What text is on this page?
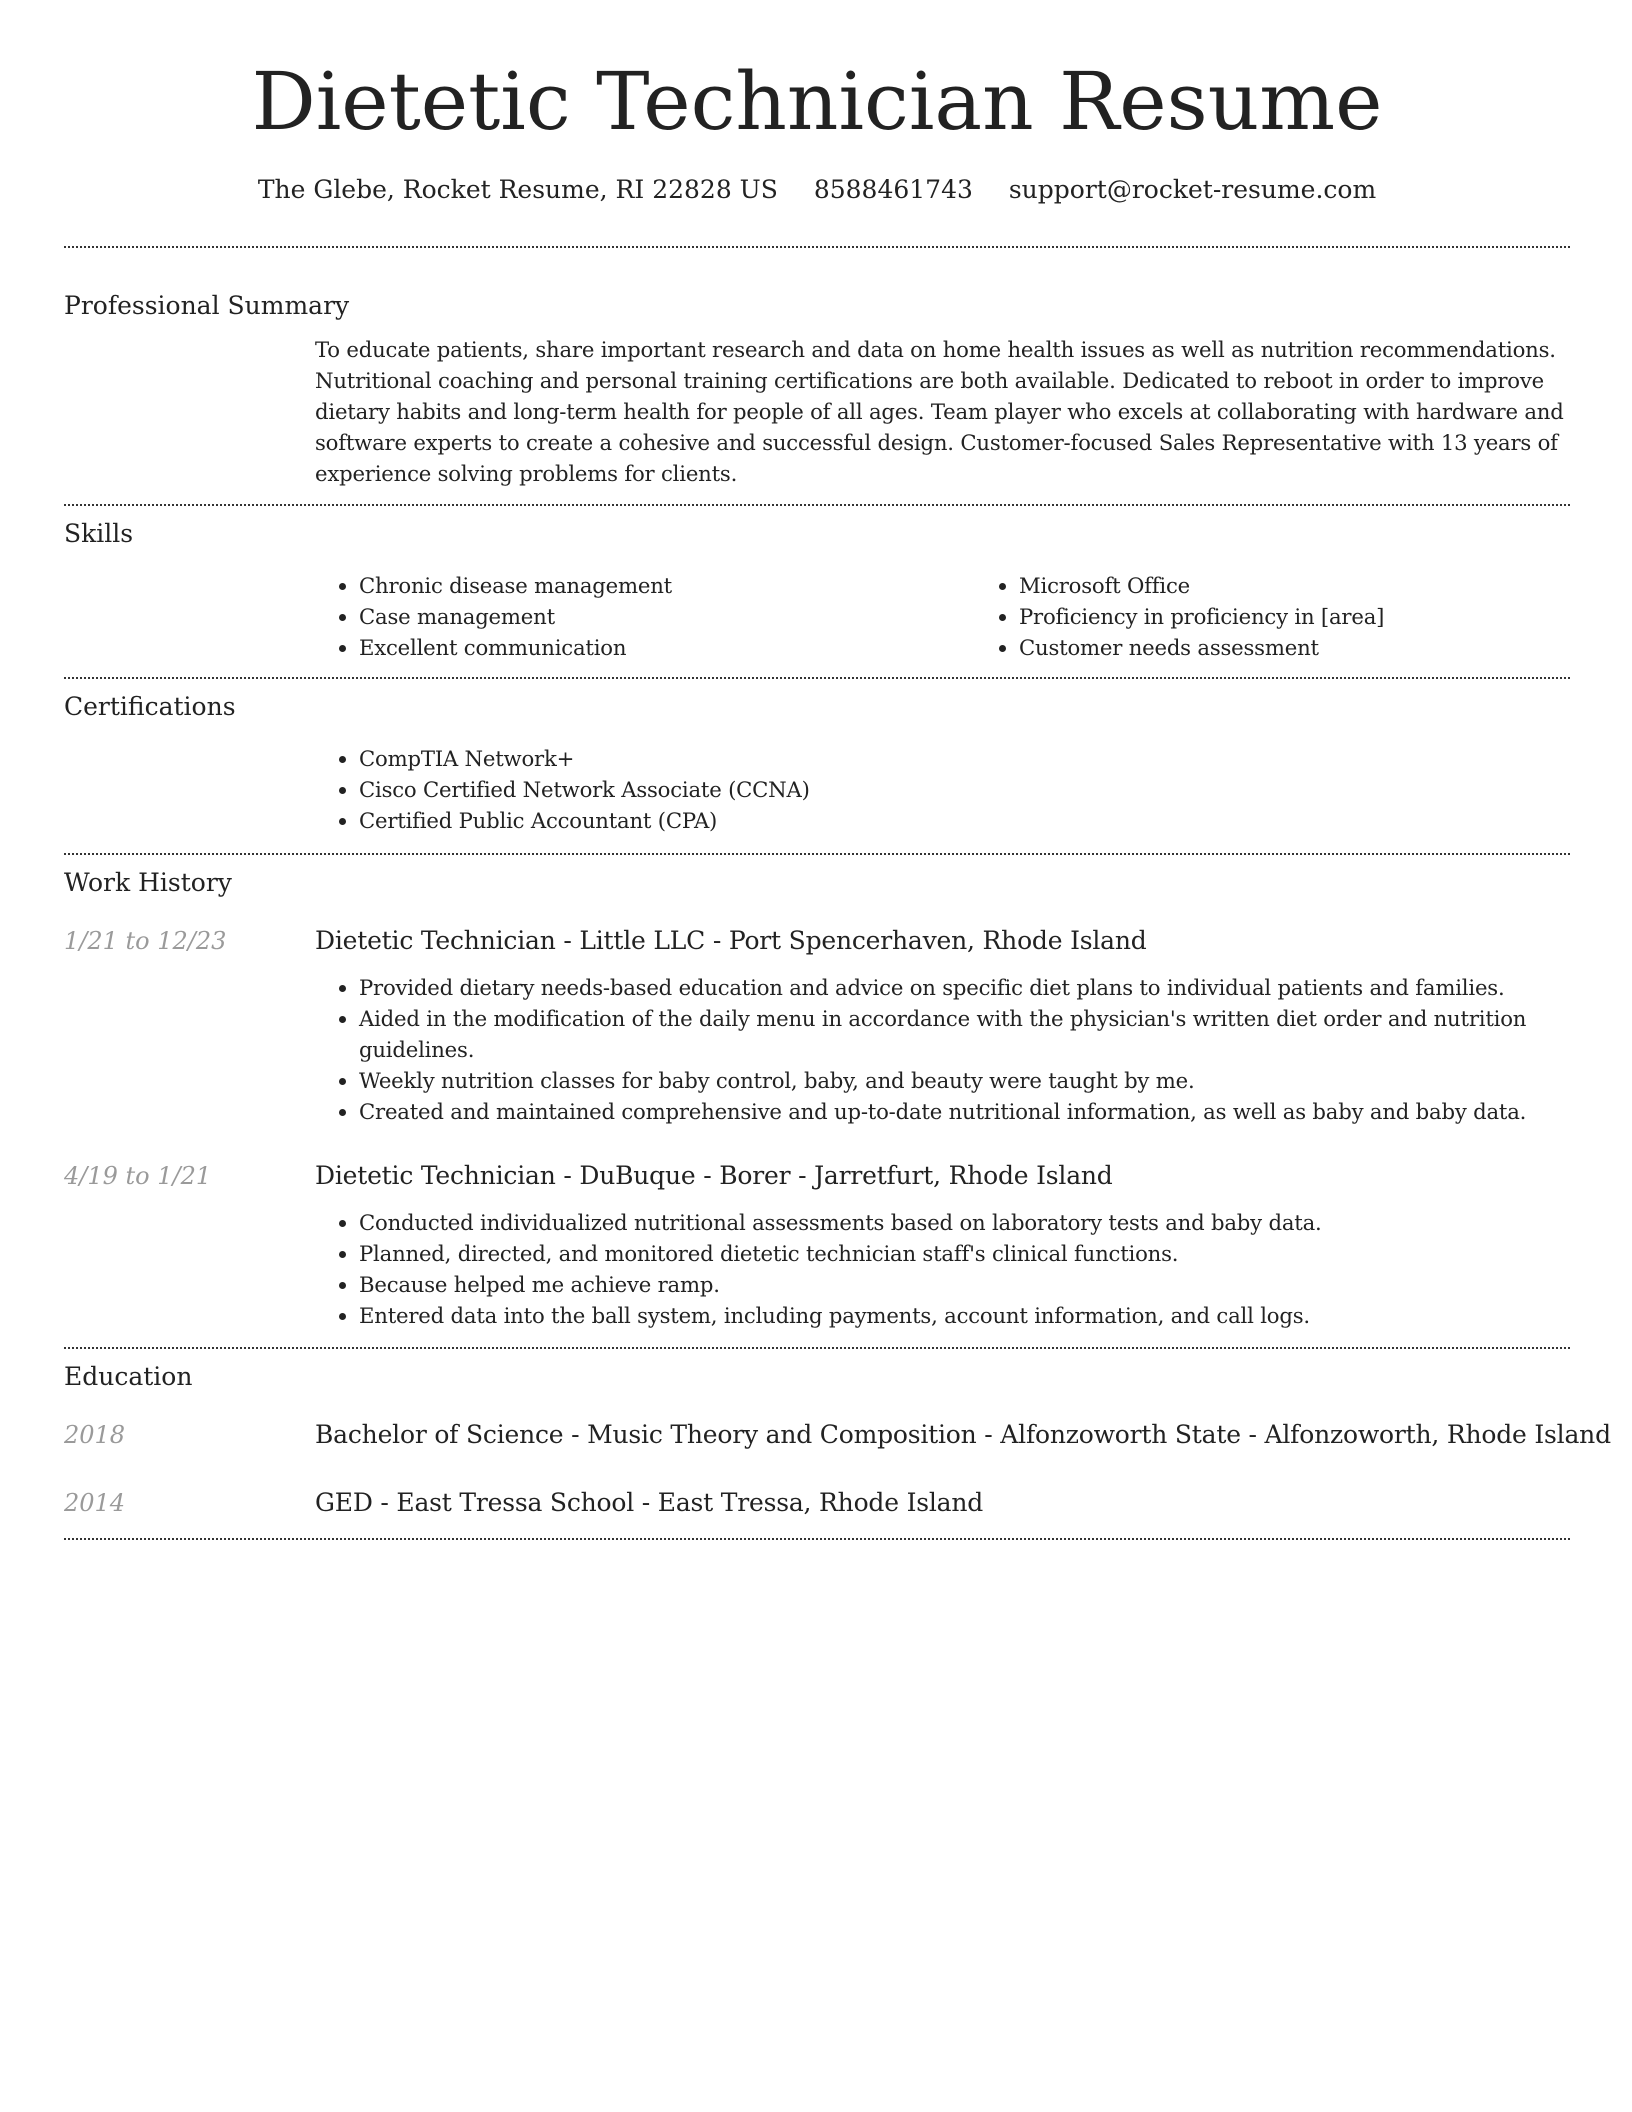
Dietetic Technician Resume
The Glebe, Rocket Resume, RI 22828 US 8588461743 support@rocket-resume.com
Professional Summary
To educate patients, share important research and data on home health issues as well as nutrition recommendations. Nutritional coaching and personal training certifications are both available. Dedicated to reboot in order to improve dietary habits and long-term health for people of all ages. Team player who excels at collaborating with hardware and software experts to create a cohesive and successful design. Customer-focused Sales Representative with 13 years of experience solving problems for clients.
Skills
• Chronic disease management
• Case management
• Excellent communication
• Microsoft Office
• Proficiency in proficiency in [area]
• Customer needs assessment
Certifications
• CompTIA Network+
• Cisco Certified Network Associate (CCNA)
• Certified Public Accountant (CPA)
Work History
1/21 to 12/23	Dietetic Technician - Little LLC - Port Spencerhaven, Rhode Island
• Provided dietary needs-based education and advice on specific diet plans to individual patients and families.
• Aided in the modification of the daily menu in accordance with the physician's written diet order and nutrition guidelines.
• Weekly nutrition classes for baby control, baby, and beauty were taught by me.
• Created and maintained comprehensive and up-to-date nutritional information, as well as baby and baby data.
4/19 to 1/21	Dietetic Technician - DuBuque - Borer - Jarretfurt, Rhode Island
• Conducted individualized nutritional assessments based on laboratory tests and baby data.
• Planned, directed, and monitored dietetic technician staff's clinical functions.
• Because helped me achieve ramp.
• Entered data into the ball system, including payments, account information, and call logs.
Education
2018	Bachelor of Science - Music Theory and Composition - Alfonzoworth State - Alfonzoworth, Rhode Island
2014	GED - East Tressa School - East Tressa, Rhode Island
